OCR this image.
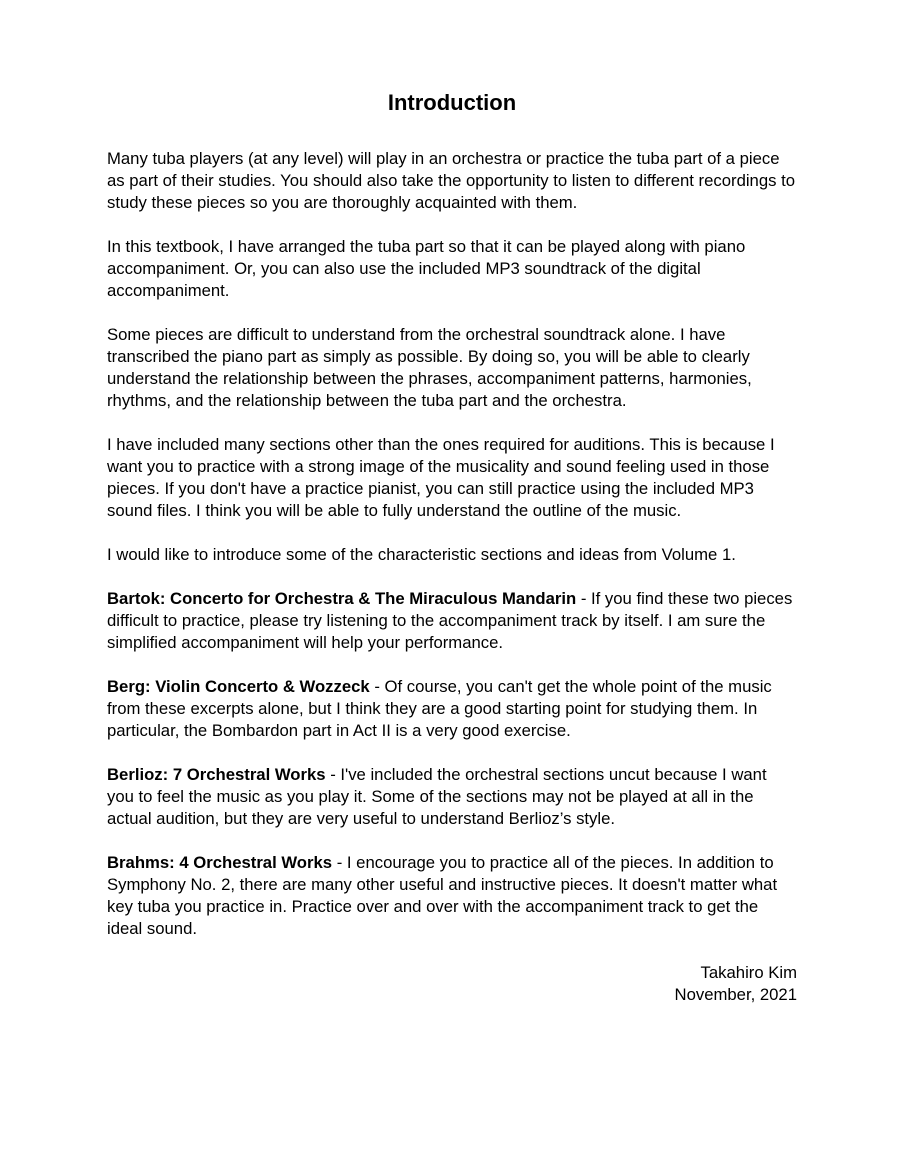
Introduction

Many tuba players (at any level) will play in an orchestra or practice the tuba part of a piece as part of their studies. You should also take the opportunity to listen to different recordings to study these pieces so you are thoroughly acquainted with them.

In this textbook, I have arranged the tuba part so that it can be played along with piano accompaniment. Or, you can also use the included MP3 soundtrack of the digital accompaniment.

Some pieces are difficult to understand from the orchestral soundtrack alone. I have transcribed the piano part as simply as possible. By doing so, you will be able to clearly understand the relationship between the phrases, accompaniment patterns, harmonies, rhythms, and the relationship between the tuba part and the orchestra.

I have included many sections other than the ones required for auditions. This is because I want you to practice with a strong image of the musicality and sound feeling used in those pieces. If you don't have a practice pianist, you can still practice using the included MP3 sound files. I think you will be able to fully understand the outline of the music.

I would like to introduce some of the characteristic sections and ideas from Volume 1.

Bartok: Concerto for Orchestra & The Miraculous Mandarin - If you find these two pieces difficult to practice, please try listening to the accompaniment track by itself. I am sure the simplified accompaniment will help your performance.

Berg: Violin Concerto & Wozzeck - Of course, you can't get the whole point of the music from these excerpts alone, but I think they are a good starting point for studying them. In particular, the Bombardon part in Act II is a very good exercise.

Berlioz: 7 Orchestral Works - I've included the orchestral sections uncut because I want you to feel the music as you play it. Some of the sections may not be played at all in the actual audition, but they are very useful to understand Berlioz’s style.

Brahms: 4 Orchestral Works - I encourage you to practice all of the pieces. In addition to Symphony No. 2, there are many other useful and instructive pieces. It doesn't matter what key tuba you practice in. Practice over and over with the accompaniment track to get the ideal sound.

Takahiro Kim
November, 2021
